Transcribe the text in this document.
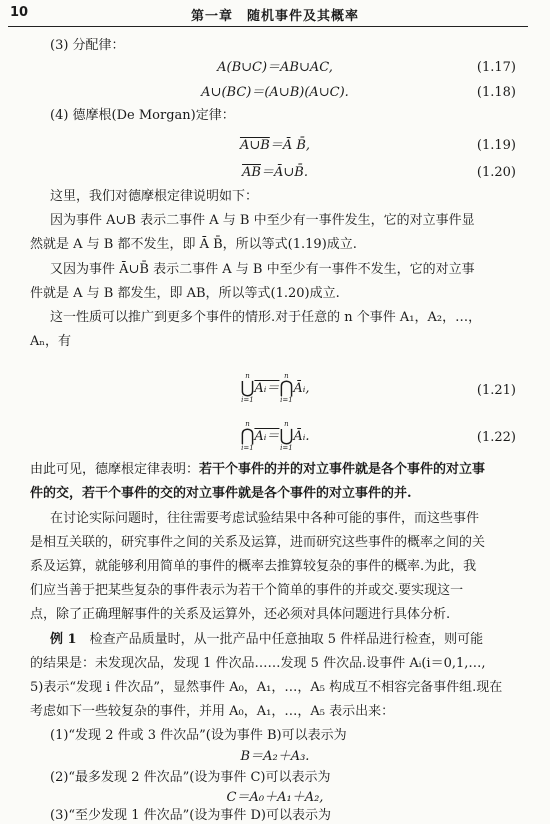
10	第一章　随机事件及其概率
(3) 分配律：
A(B∪C)＝AB∪AC,	(1.17)
A∪(BC)＝(A∪B)(A∪C).	(1.18)
(4) 德摩根(De Morgan)定律：
A∪B＝Ā B̄,	(1.19)
$\overline{AB}=Ā\cup B̄$.	(1.20)
这里，我们对德摩根定律说明如下：
因为事件 A∪B 表示二事件 A 与 B 中至少有一事件发生，它的对立事件显
然就是 A 与 B 都不发生，即 Ā B̄，所以等式(1.19)成立.
又因为事件 Ā∪B̄ 表示二事件 A 与 B 中至少有一事件不发生，它的对立事
件就是 A 与 B 都发生，即 AB，所以等式(1.20)成立.
这一性质可以推广到更多个事件的情形.对于任意的 n 个事件 A₁，A₂，…，
Aₙ，有
n
⋃
i=1
Aᵢ＝
n
⋂
i=1
Āᵢ,	(1.21)
n
⋂
i=1
Aᵢ＝
n
⋃
i=1
Āᵢ.	(1.22)
由此可见，德摩根定律表明：若干个事件的并的对立事件就是各个事件的对立事
件的交，若干个事件的交的对立事件就是各个事件的对立事件的并.
在讨论实际问题时，往往需要考虑试验结果中各种可能的事件，而这些事件
是相互关联的，研究事件之间的关系及运算，进而研究这些事件的概率之间的关
系及运算，就能够利用简单的事件的概率去推算较复杂的事件的概率.为此，我
们应当善于把某些复杂的事件表示为若干个简单的事件的并或交.要实现这一
点，除了正确理解事件的关系及运算外，还必须对具体问题进行具体分析.
例 1　 检查产品质量时，从一批产品中任意抽取 5 件样品进行检查，则可能
的结果是：未发现次品，发现 1 件次品……发现 5 件次品.设事件 Aᵢ(i＝0,1,…,
5)表示“发现 i 件次品”，显然事件 A₀，A₁，…，A₅ 构成互不相容完备事件组.现在
考虑如下一些较复杂的事件，并用 A₀，A₁，…，A₅ 表示出来：
(1)“发现 2 件或 3 件次品”(设为事件 B)可以表示为
B＝A₂＋A₃.
(2)“最多发现 2 件次品”(设为事件 C)可以表示为
C＝A₀＋A₁＋A₂,
(3)“至少发现 1 件次品”(设为事件 D)可以表示为
